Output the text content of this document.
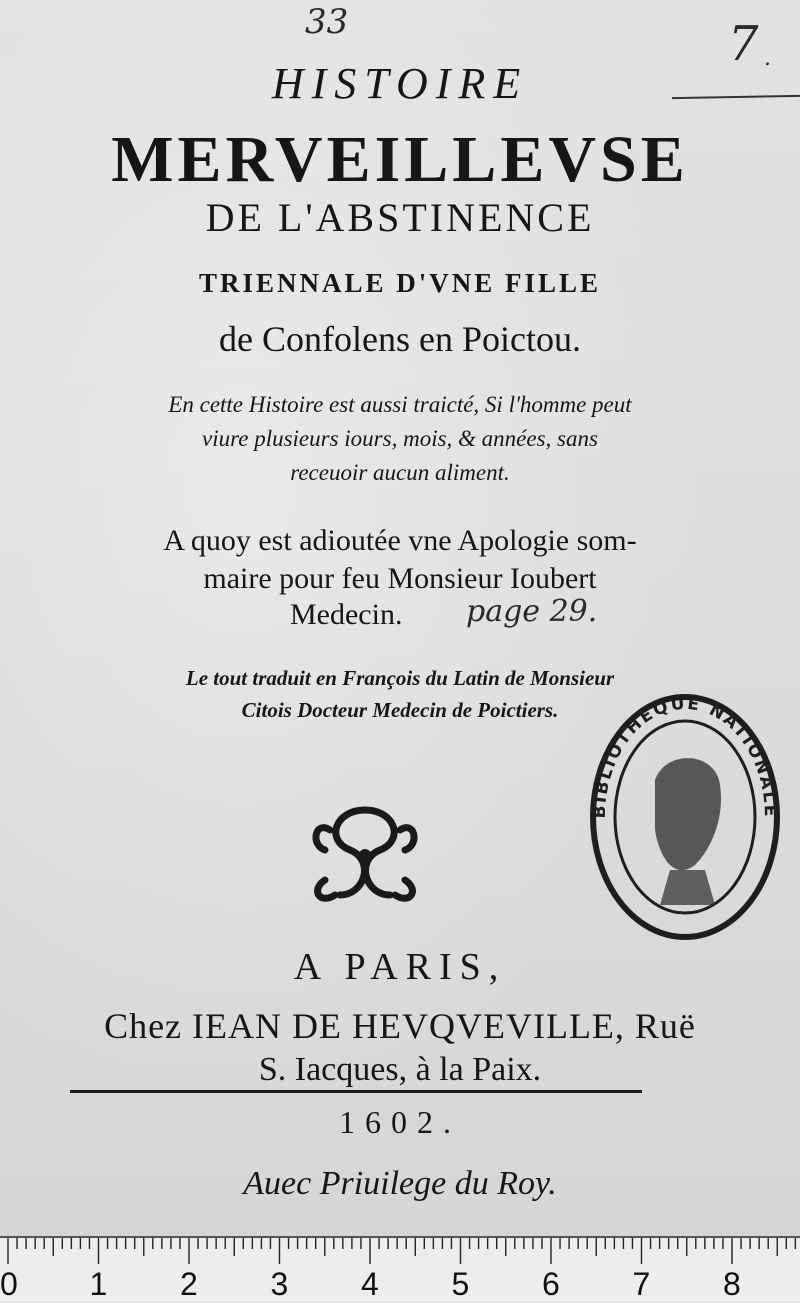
33	7 .
HISTOIRE
MERVEILLEVSE
DE L'ABSTINENCE
TRIENNALE D'VNE FILLE
de Confolens en Poictou.
En cette Histoire est aussi traicté, Si l'homme peut
viure plusieurs iours, mois, & années, sans
receuoir aucun aliment.
A quoy est adioutée vne Apologie som-
maire pour feu Monsieur Ioubert
Medecin.	page 29.
Le tout traduit en François du Latin de Monsieur
Citois Docteur Medecin de Poictiers.
BIBLIOTHEQUE NATIONALE
A PARIS,
Chez IEAN DE HEVQVEVILLE, Ruë
S. Iacques, à la Paix.
1602.
Auec Priuilege du Roy.
0 1 2 3 4 5 6 7 8
